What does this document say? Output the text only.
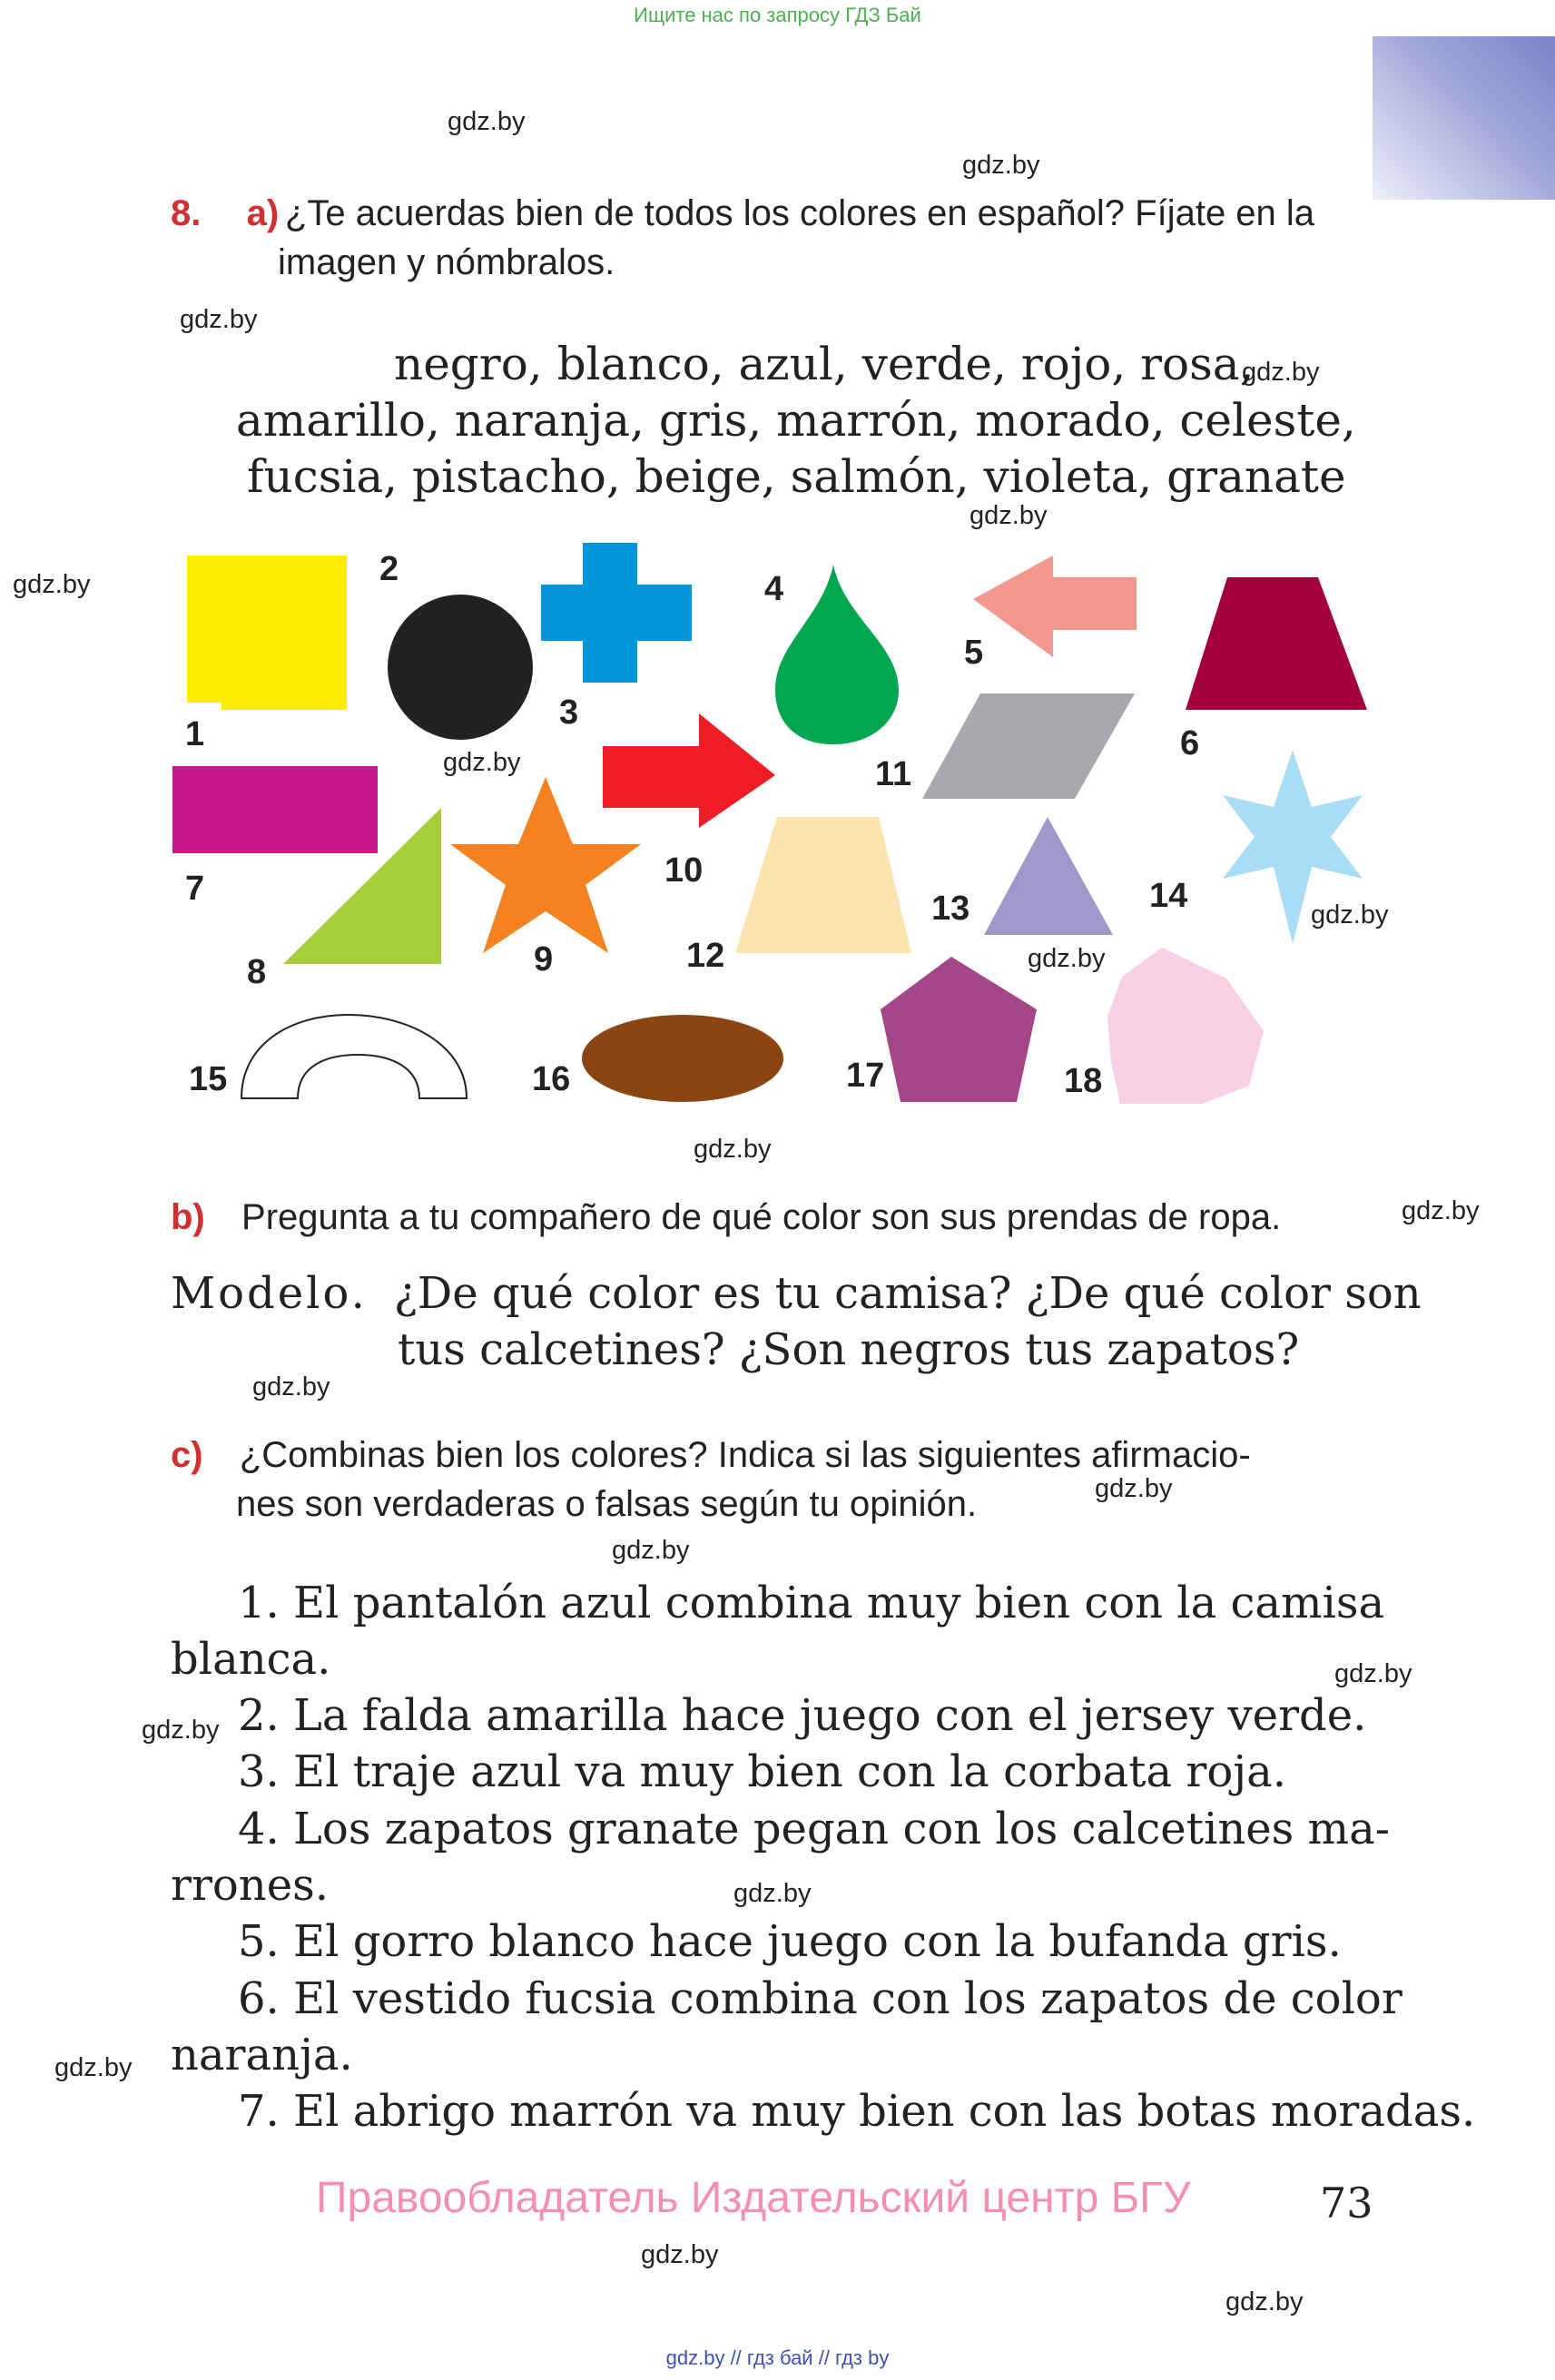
Ищите нас по запросу ГДЗ Бай
gdz.by
gdz.by
gdz.by
gdz.by
gdz.by
gdz.by
gdz.by
gdz.by
gdz.by
gdz.by
gdz.by
gdz.by
gdz.by
gdz.by
gdz.by
gdz.by
gdz.by
gdz.by
gdz.by
gdz.by
8. a) ¿Te acuerdas bien de todos los colores en español? Fíjate en la imagen y nómbralos.
negro, blanco, azul, verde, rojo, rosa,
amarillo, naranja, gris, marrón, morado, celeste,
fucsia, pistacho, beige, salmón, violeta, granate
1
2
3
4
5
6
7
8	9
10
11
12
13	14
15	16	17	18
b) Pregunta a tu compañero de qué color son sus prendas de ropa.
Modelo. ¿De qué color es tu camisa? ¿De qué color son
tus calcetines? ¿Son negros tus zapatos?
c) ¿Combinas bien los colores? Indica si las siguientes afirmacio-
nes son verdaderas o falsas según tu opinión.
1. El pantalón azul combina muy bien con la camisa
blanca.
2. La falda amarilla hace juego con el jersey verde.
3. El traje azul va muy bien con la corbata roja.
4. Los zapatos granate pegan con los calcetines ma-
rrones.
5. El gorro blanco hace juego con la bufanda gris.
6. El vestido fucsia combina con los zapatos de color
naranja.
7. El abrigo marrón va muy bien con las botas moradas.
Правообладатель Издательский центр БГУ	73
gdz.by // гдз бай // гдз by
